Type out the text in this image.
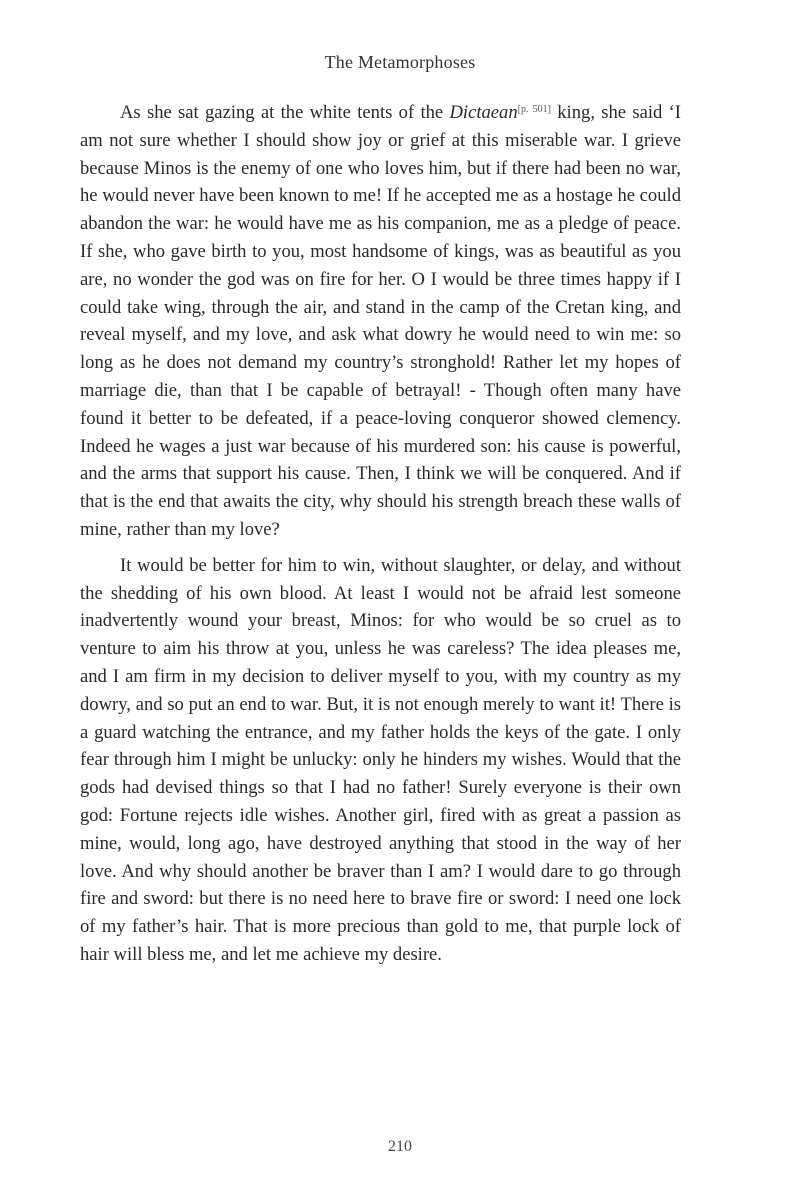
The Metamorphoses

As she sat gazing at the white tents of the Dictaean[p. 501] king, she said ‘I am not sure whether I should show joy or grief at this miserable war. I grieve because Minos is the enemy of one who loves him, but if there had been no war, he would never have been known to me! If he accepted me as a hostage he could abandon the war: he would have me as his companion, me as a pledge of peace. If she, who gave birth to you, most handsome of kings, was as beautiful as you are, no wonder the god was on fire for her. O I would be three times happy if I could take wing, through the air, and stand in the camp of the Cretan king, and reveal myself, and my love, and ask what dowry he would need to win me: so long as he does not demand my country’s stronghold! Rather let my hopes of marriage die, than that I be capable of betrayal! - Though often many have found it better to be defeated, if a peace-loving conqueror showed clemency. Indeed he wages a just war because of his murdered son: his cause is powerful, and the arms that support his cause. Then, I think we will be conquered. And if that is the end that awaits the city, why should his strength breach these walls of mine, rather than my love?

It would be better for him to win, without slaughter, or delay, and without the shedding of his own blood. At least I would not be afraid lest someone inadvertently wound your breast, Minos: for who would be so cruel as to venture to aim his throw at you, unless he was careless? The idea pleases me, and I am firm in my decision to deliver myself to you, with my country as my dowry, and so put an end to war. But, it is not enough merely to want it! There is a guard watching the entrance, and my father holds the keys of the gate. I only fear through him I might be unlucky: only he hinders my wishes. Would that the gods had devised things so that I had no father! Surely everyone is their own god: Fortune rejects idle wishes. Another girl, fired with as great a passion as mine, would, long ago, have destroyed anything that stood in the way of her love. And why should another be braver than I am? I would dare to go through fire and sword: but there is no need here to brave fire or sword: I need one lock of my father’s hair. That is more precious than gold to me, that purple lock of hair will bless me, and let me achieve my desire.

210
